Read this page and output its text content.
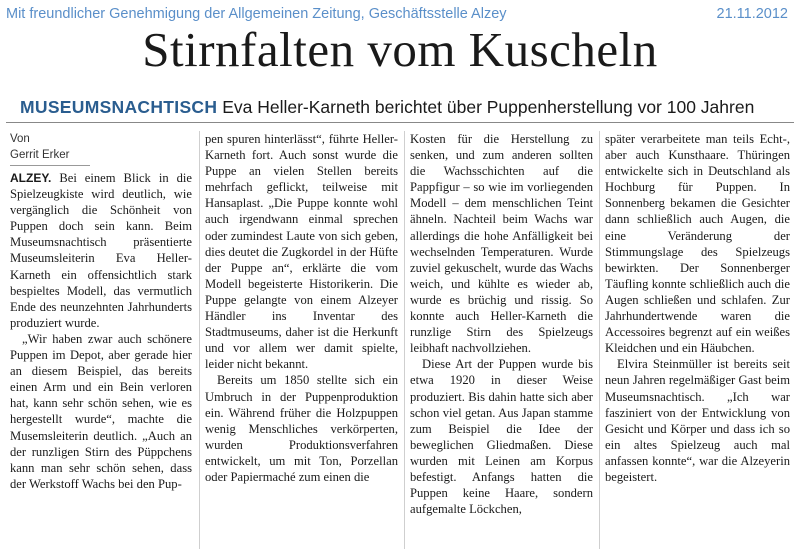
Mit freundlicher Genehmigung der Allgemeinen Zeitung, Geschäftsstelle Alzey	21.11.2012
Stirnfalten vom Kuscheln
MUSEUMSNACHTISCH Eva Heller-Karneth berichtet über Puppenherstellung vor 100 Jahren
Von
Gerrit Erker

ALZEY. Bei einem Blick in die Spielzeugkiste wird deutlich, wie vergänglich die Schönheit von Puppen doch sein kann. Beim Museumsnachtisch präsentierte Museumsleiterin Eva Heller-Karneth ein offensichtlich stark bespieltes Modell, das vermutlich Ende des neunzehnten Jahrhunderts produziert wurde.

„Wir haben zwar auch schönere Puppen im Depot, aber gerade hier an diesem Beispiel, das bereits einen Arm und ein Bein verloren hat, kann sehr schön sehen, wie es hergestellt wurde“, machte die Musemsleiterin deutlich. „Auch an der runzligen Stirn des Püppchens kann man sehr schön sehen, dass der Werkstoff Wachs bei den Pup-

pen spuren hinterlässt“, führte Heller-Karneth fort. Auch sonst wurde die Puppe an vielen Stellen bereits mehrfach geflickt, teilweise mit Hansaplast. „Die Puppe konnte wohl auch irgendwann einmal sprechen oder zumindest Laute von sich geben, dies deutet die Zugkordel in der Hüfte der Puppe an“, erklärte die vom Modell begeisterte Historikerin. Die Puppe gelangte von einem Alzeyer Händler ins Inventar des Stadtmuseums, daher ist die Herkunft und vor allem wer damit spielte, leider nicht bekannt.

Bereits um 1850 stellte sich ein Umbruch in der Puppenproduktion ein. Während früher die Holzpuppen wenig Menschliches verkörperten, wurden Produktionsverfahren entwickelt, um mit Ton, Porzellan oder Papiermaché zum einen die

Kosten für die Herstellung zu senken, und zum anderen sollten die Wachsschichten auf die Pappfigur – so wie im vorliegenden Modell – dem menschlichen Teint ähneln. Nachteil beim Wachs war allerdings die hohe Anfälligkeit bei wechselnden Temperaturen. Wurde zuviel gekuschelt, wurde das Wachs weich, und kühlte es wieder ab, wurde es brüchig und rissig. So konnte auch Heller-Karneth die runzlige Stirn des Spielzeugs leibhaft nachvollziehen.

Diese Art der Puppen wurde bis etwa 1920 in dieser Weise produziert. Bis dahin hatte sich aber schon viel getan. Aus Japan stamme zum Beispiel die Idee der beweglichen Gliedmaßen. Diese wurden mit Leinen am Korpus befestigt. Anfangs hatten die Puppen keine Haare, sondern aufgemalte Löckchen,

später verarbeitete man teils Echt-, aber auch Kunsthaare. Thüringen entwickelte sich in Deutschland als Hochburg für Puppen. In Sonnenberg bekamen die Gesichter dann schließlich auch Augen, die eine Veränderung der Stimmungslage des Spielzeugs bewirkten. Der Sonnenberger Täufling konnte schließlich auch die Augen schließen und schlafen. Zur Jahrhundertwende waren die Accessoires begrenzt auf ein weißes Kleidchen und ein Häubchen.

Elvira Steinmüller ist bereits seit neun Jahren regelmäßiger Gast beim Museumsnachtisch. „Ich war fasziniert von der Entwicklung von Gesicht und Körper und dass ich so ein altes Spielzeug auch mal anfassen konnte“, war die Alzeyerin begeistert.
